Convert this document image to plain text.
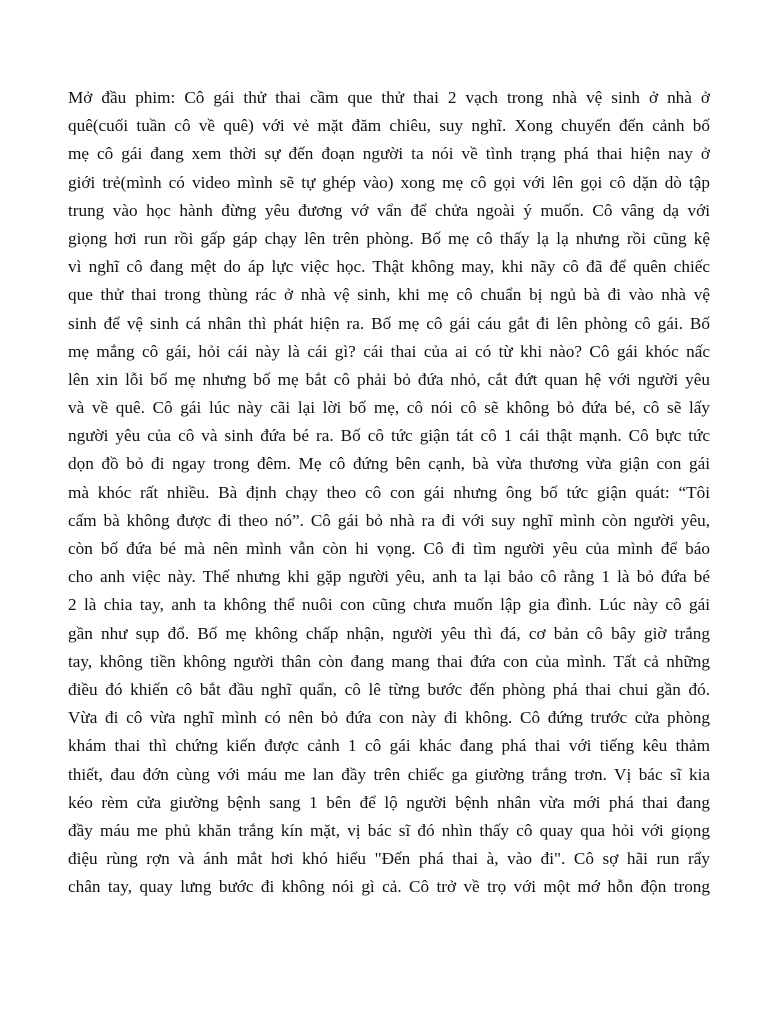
Mở đầu phim: Cô gái thử thai cầm que thử thai 2 vạch trong nhà vệ sinh ở nhà ở
quê(cuối tuần cô về quê) với vẻ mặt đăm chiêu, suy nghĩ. Xong chuyển đến cảnh bố
mẹ cô gái đang xem thời sự đến đoạn người ta nói về tình trạng phá thai hiện nay ở
giới trẻ(mình có video mình sẽ tự ghép vào) xong mẹ cô gọi với lên gọi cô dặn dò tập
trung vào học hành đừng yêu đương vớ vẩn để chửa ngoài ý muốn. Cô vâng dạ với
giọng hơi run rồi gấp gáp chạy lên trên phòng. Bố mẹ cô thấy lạ lạ nhưng rồi cũng kệ
vì nghĩ cô đang mệt do áp lực việc học. Thật không may, khi nãy cô đã để quên chiếc
que thử thai trong thùng rác ở nhà vệ sinh, khi mẹ cô chuẩn bị ngủ bà đi vào nhà vệ
sinh để vệ sinh cá nhân thì phát hiện ra. Bố mẹ cô gái cáu gắt đi lên phòng cô gái. Bố
mẹ mắng cô gái, hỏi cái này là cái gì? cái thai của ai có từ khi nào? Cô gái khóc nấc
lên xin lỗi bố mẹ nhưng bố mẹ bắt cô phải bỏ đứa nhỏ, cắt đứt quan hệ với người yêu
và về quê. Cô gái lúc này cãi lại lời bố mẹ, cô nói cô sẽ không bỏ đứa bé, cô sẽ lấy
người yêu của cô và sinh đứa bé ra. Bố cô tức giận tát cô 1 cái thật mạnh. Cô bực tức
dọn đồ bỏ đi ngay trong đêm. Mẹ cô đứng bên cạnh, bà vừa thương vừa giận con gái
mà khóc rất nhiều. Bà định chạy theo cô con gái nhưng ông bố tức giận quát: “Tôi
cấm bà không được đi theo nó”. Cô gái bỏ nhà ra đi với suy nghĩ mình còn người yêu,
còn bố đứa bé mà nên mình vẫn còn hi vọng. Cô đi tìm người yêu của mình để báo
cho anh việc này. Thế nhưng khi gặp người yêu, anh ta lại bảo cô rằng 1 là bỏ đứa bé
2 là chia tay, anh ta không thể nuôi con cũng chưa muốn lập gia đình. Lúc này cô gái
gần như sụp đổ. Bố mẹ không chấp nhận, người yêu thì đá, cơ bản cô bây giờ trắng
tay, không tiền không người thân còn đang mang thai đứa con của mình. Tất cả những
điều đó khiến cô bắt đầu nghĩ quẩn, cô lê từng bước đến phòng phá thai chui gần đó.
Vừa đi cô vừa nghĩ mình có nên bỏ đứa con này đi không. Cô đứng trước cửa phòng
khám thai thì chứng kiến được cảnh 1 cô gái khác đang phá thai với tiếng kêu thảm
thiết, đau đớn cùng với máu me lan đầy trên chiếc ga giường trắng trơn. Vị bác sĩ kia
kéo rèm cửa giường bệnh sang 1 bên để lộ người bệnh nhân vừa mới phá thai đang
đầy máu me phủ khăn trắng kín mặt, vị bác sĩ đó nhìn thấy cô quay qua hỏi với giọng
điệu rùng rợn và ánh mắt hơi khó hiểu "Đến phá thai à, vào đi". Cô sợ hãi run rẩy
chân tay, quay lưng bước đi không nói gì cả. Cô trở về trọ với một mớ hỗn độn trong
